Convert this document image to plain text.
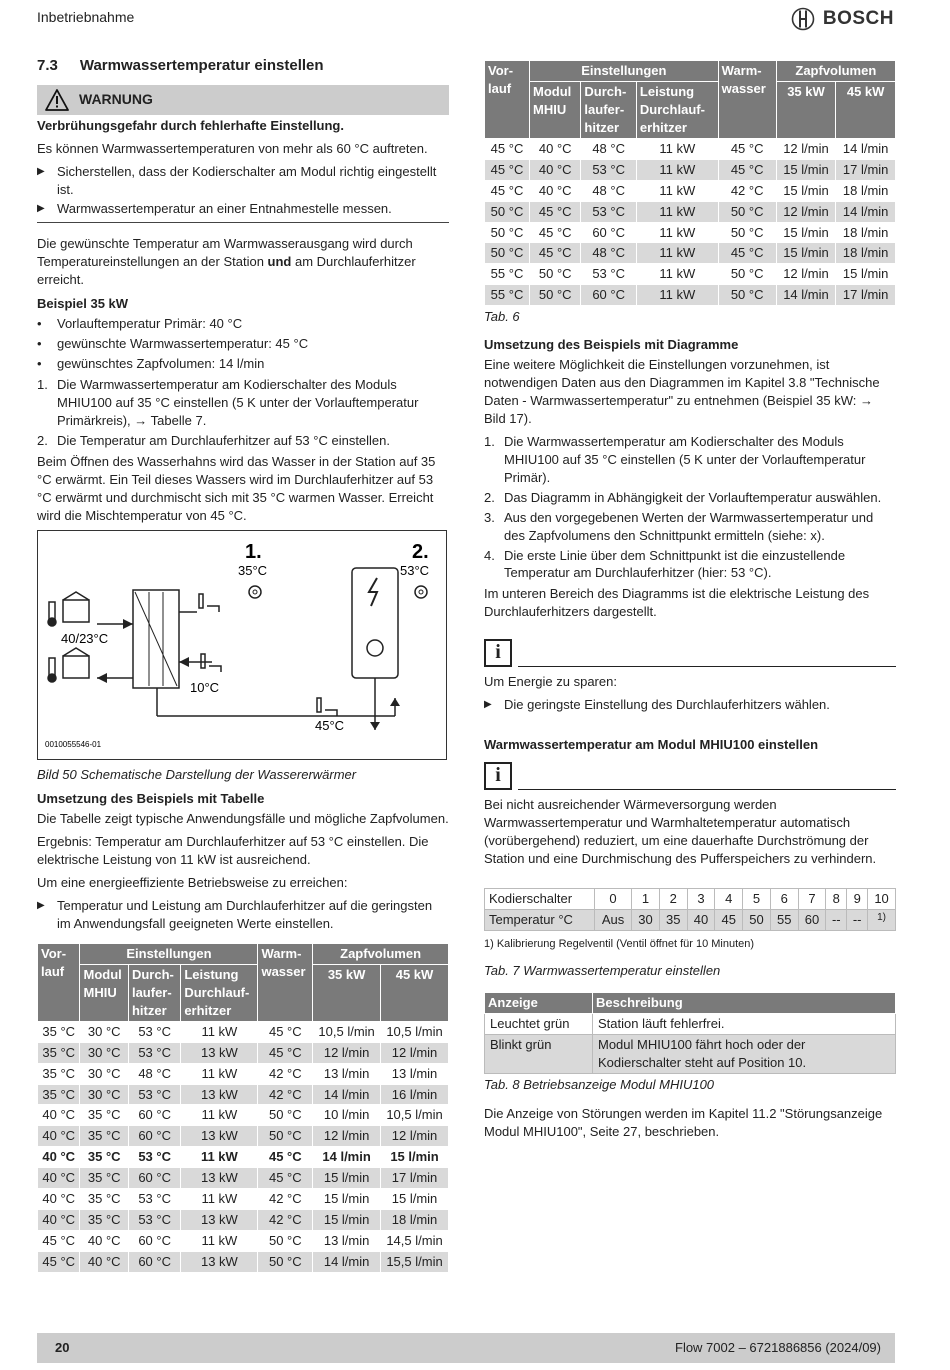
Inbetriebnahme	BOSCH
7.3 Warmwassertemperatur einstellen
WARNUNG

Verbrühungsgefahr durch fehlerhafte Einstellung.

Es können Warmwassertemperaturen von mehr als 60 °C auftreten.

▶ Sicherstellen, dass der Kodierschalter am Modul richtig eingestellt ist.
▶ Warmwassertemperatur an einer Entnahmestelle messen.

Die gewünschte Temperatur am Warmwasserausgang wird durch Temperatureinstellungen an der Station und am Durchlauferhitzer erreicht.

Beispiel 35 kW
•	Vorlauftemperatur Primär: 40 °C
•	gewünschte Warmwassertemperatur: 45 °C
•	gewünschtes Zapfvolumen: 14 l/min
1. Die Warmwassertemperatur am Kodierschalter des Moduls MHIU100 auf 35 °C einstellen (5 K unter der Vorlauftemperatur Primärkreis), → Tabelle 7.
2. Die Temperatur am Durchlauferhitzer auf 53 °C einstellen.

Beim Öffnen des Wasserhahns wird das Wasser in der Station auf 35 °C erwärmt. Ein Teil dieses Wassers wird im Durchlauferhitzer auf 53 °C erwärmt und durchmischt sich mit 35 °C warmen Wasser. Erreicht wird die Mischtemperatur von 45 °C.

1.
35°C
2.
53°C
40/23°C
10°C
45°C
0010055546-01

Bild 50 Schematische Darstellung der Wassererwärmer

Umsetzung des Beispiels mit Tabelle

Die Tabelle zeigt typische Anwendungsfälle und mögliche Zapfvolumen.

Ergebnis: Temperatur am Durchlauferhitzer auf 53 °C einstellen. Die elektrische Leistung von 11 kW ist ausreichend.

Um eine energieeffiziente Betriebsweise zu erreichen:

▶ Temperatur und Leistung am Durchlauferhitzer auf die geringsten im Anwendungsfall geeigneten Werte einstellen.
Vor-
lauf	Einstellungen			Warm-
wasser	Zapfvolumen	
	Modul
MHIU	Durch-
laufer-
hitzer	Leistung
Durchlauf-
erhitzer		35 kW	45 kW
35 °C	30 °C	53 °C	11 kW	45 °C	10,5 l/min	10,5 l/min
35 °C	30 °C	53 °C	13 kW	45 °C	12 l/min	12 l/min
35 °C	30 °C	48 °C	11 kW	42 °C	13 l/min	13 l/min
35 °C	30 °C	53 °C	13 kW	42 °C	14 l/min	16 l/min
40 °C	35 °C	60 °C	11 kW	50 °C	10 l/min	10,5 l/min
40 °C	35 °C	60 °C	13 kW	50 °C	12 l/min	12 l/min
40 °C	35 °C	53 °C	11 kW	45 °C	14 l/min	15 l/min
40 °C	35 °C	60 °C	13 kW	45 °C	15 l/min	17 l/min
40 °C	35 °C	53 °C	11 kW	42 °C	15 l/min	15 l/min
40 °C	35 °C	53 °C	13 kW	42 °C	15 l/min	18 l/min
45 °C	40 °C	60 °C	11 kW	50 °C	13 l/min	14,5 l/min
45 °C	40 °C	60 °C	13 kW	50 °C	14 l/min	15,5 l/min
Vor-
lauf	Einstellungen			Warm-
wasser	Zapfvolumen	
	Modul
MHIU	Durch-
laufer-
hitzer	Leistung
Durchlauf-
erhitzer		35 kW	45 kW
45 °C	40 °C	48 °C	11 kW	45 °C	12 l/min	14 l/min
45 °C	40 °C	53 °C	11 kW	45 °C	15 l/min	17 l/min
45 °C	40 °C	48 °C	11 kW	42 °C	15 l/min	18 l/min
50 °C	45 °C	53 °C	11 kW	50 °C	12 l/min	14 l/min
50 °C	45 °C	60 °C	11 kW	50 °C	15 l/min	18 l/min
50 °C	45 °C	48 °C	11 kW	45 °C	15 l/min	18 l/min
55 °C	50 °C	53 °C	11 kW	50 °C	12 l/min	15 l/min
55 °C	50 °C	60 °C	11 kW	50 °C	14 l/min	17 l/min

Tab. 6

Umsetzung des Beispiels mit Diagramme

Eine weitere Möglichkeit die Einstellungen vorzunehmen, ist notwendigen Daten aus den Diagrammen im Kapitel 3.8 "Technische Daten - Warmwassertemperatur" zu entnehmen (Beispiel 35 kW: → Bild 17).

1. Die Warmwassertemperatur am Kodierschalter des Moduls MHIU100 auf 35 °C einstellen (5 K unter der Vorlauftemperatur Primär).
2. Das Diagramm in Abhängigkeit der Vorlauftemperatur auswählen.
3. Aus den vorgegebenen Werten der Warmwassertemperatur und des Zapfvolumens den Schnittpunkt ermitteln (siehe: x).
4. Die erste Linie über dem Schnittpunkt ist die einzustellende Temperatur am Durchlauferhitzer (hier: 53 °C).

Im unteren Bereich des Diagramms ist die elektrische Leistung des Durchlauferhitzers dargestellt.

i

Um Energie zu sparen:

▶ Die geringste Einstellung des Durchlauferhitzers wählen.
Warmwassertemperatur am Modul MHIU100 einstellen
i

Bei nicht ausreichender Wärmeversorgung werden Warmwassertemperatur und Warmhaltetemperatur automatisch (vorübergehend) reduziert, um eine dauerhafte Durchströmung der Station und eine Durchmischung des Pufferspeichers zu verhindern.

Kodierschalter	0	1	2	3	4	5	6	7	8	9	10
Temperatur °C	Aus	30	35	40	45	50	55	60	--	--	1)

1) Kalibrierung Regelventil (Ventil öffnet für 10 Minuten)

Tab. 7 Warmwassertemperatur einstellen

Anzeige	Beschreibung
Leuchtet grün	Station läuft fehlerfrei.
Blinkt grün	Modul MHIU100 fährt hoch oder der Kodierschalter steht auf Position 10.

Tab. 8 Betriebsanzeige Modul MHIU100

Die Anzeige von Störungen werden im Kapitel 11.2 "Störungsanzeige Modul MHIU100", Seite 27, beschrieben.

20	Flow 7002 – 6721886856 (2024/09)
